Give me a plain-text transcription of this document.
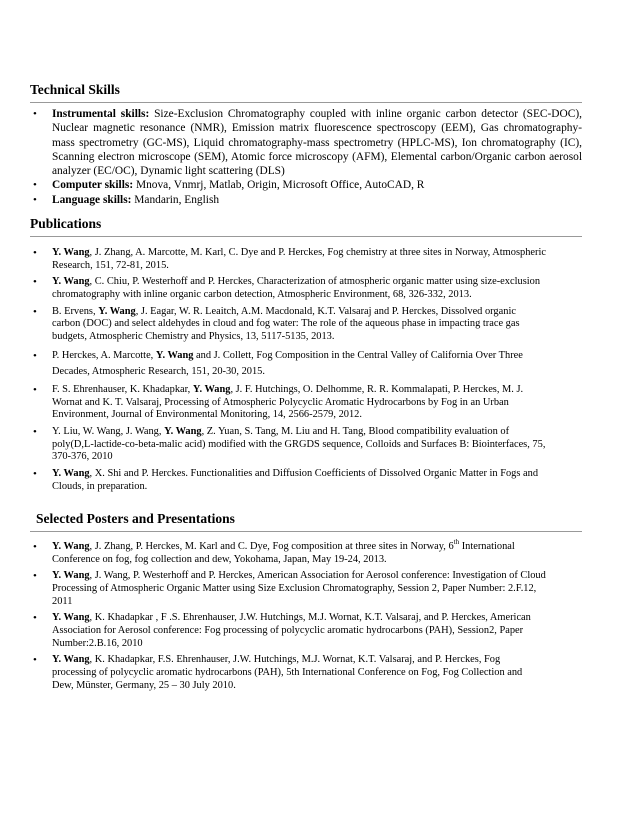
Technical Skills
• Instrumental skills: Size-Exclusion Chromatography coupled with inline organic carbon detector (SEC-DOC), Nuclear magnetic resonance (NMR), Emission matrix fluorescence spectroscopy (EEM), Gas chromatography- mass spectrometry (GC-MS), Liquid chromatography-mass spectrometry (HPLC-MS), Ion chromatography (IC), Scanning electron microscope (SEM), Atomic force microscopy (AFM), Elemental carbon/Organic carbon aerosol analyzer (EC/OC), Dynamic light scattering (DLS)
• Computer skills: Mnova, Vnmrj, Matlab, Origin, Microsoft Office, AutoCAD, R
• Language skills: Mandarin, English
Publications
• Y. Wang, J. Zhang, A. Marcotte, M. Karl, C. Dye and P. Herckes, Fog chemistry at three sites in Norway, Atmospheric Research, 151, 72-81, 2015.
• Y. Wang, C. Chiu, P. Westerhoff and P. Herckes, Characterization of atmospheric organic matter using size-exclusion chromatography with inline organic carbon detection, Atmospheric Environment, 68, 326-332, 2013.
• B. Ervens, Y. Wang, J. Eagar, W. R. Leaitch, A.M. Macdonald, K.T. Valsaraj and P. Herckes, Dissolved organic carbon (DOC) and select aldehydes in cloud and fog water: The role of the aqueous phase in impacting trace gas budgets, Atmospheric Chemistry and Physics, 13, 5117-5135, 2013.
• P. Herckes, A. Marcotte, Y. Wang and J. Collett, Fog Composition in the Central Valley of California Over Three Decades, Atmospheric Research, 151, 20-30, 2015.
• F. S. Ehrenhauser, K. Khadapkar, Y. Wang, J. F. Hutchings, O. Delhomme, R. R. Kommalapati, P. Herckes, M. J. Wornat and K. T. Valsaraj, Processing of Atmospheric Polycyclic Aromatic Hydrocarbons by Fog in an Urban Environment, Journal of Environmental Monitoring, 14, 2566-2579, 2012.
• Y. Liu, W. Wang, J. Wang, Y. Wang, Z. Yuan, S. Tang, M. Liu and H. Tang, Blood compatibility evaluation of poly(D,L-lactide-co-beta-malic acid) modified with the GRGDS sequence, Colloids and Surfaces B: Biointerfaces, 75, 370-376, 2010
• Y. Wang, X. Shi and P. Herckes. Functionalities and Diffusion Coefficients of Dissolved Organic Matter in Fogs and Clouds, in preparation.
Selected Posters and Presentations
• Y. Wang, J. Zhang, P. Herckes, M. Karl and C. Dye, Fog composition at three sites in Norway, 6th International Conference on fog, fog collection and dew, Yokohama, Japan, May 19-24, 2013.
• Y. Wang, J. Wang, P. Westerhoff and P. Herckes, American Association for Aerosol conference: Investigation of Cloud Processing of Atmospheric Organic Matter using Size Exclusion Chromatography, Session 2, Paper Number: 2.F.12, 2011
• Y. Wang, K. Khadapkar , F .S. Ehrenhauser, J.W. Hutchings, M.J. Wornat, K.T. Valsaraj, and P. Herckes, American Association for Aerosol conference: Fog processing of polycyclic aromatic hydrocarbons (PAH), Session2, Paper Number:2.B.16, 2010
• Y. Wang, K. Khadapkar, F.S. Ehrenhauser, J.W. Hutchings, M.J. Wornat, K.T. Valsaraj, and P. Herckes, Fog processing of polycyclic aromatic hydrocarbons (PAH), 5th International Conference on Fog, Fog Collection and Dew, Münster, Germany, 25 – 30 July 2010.
